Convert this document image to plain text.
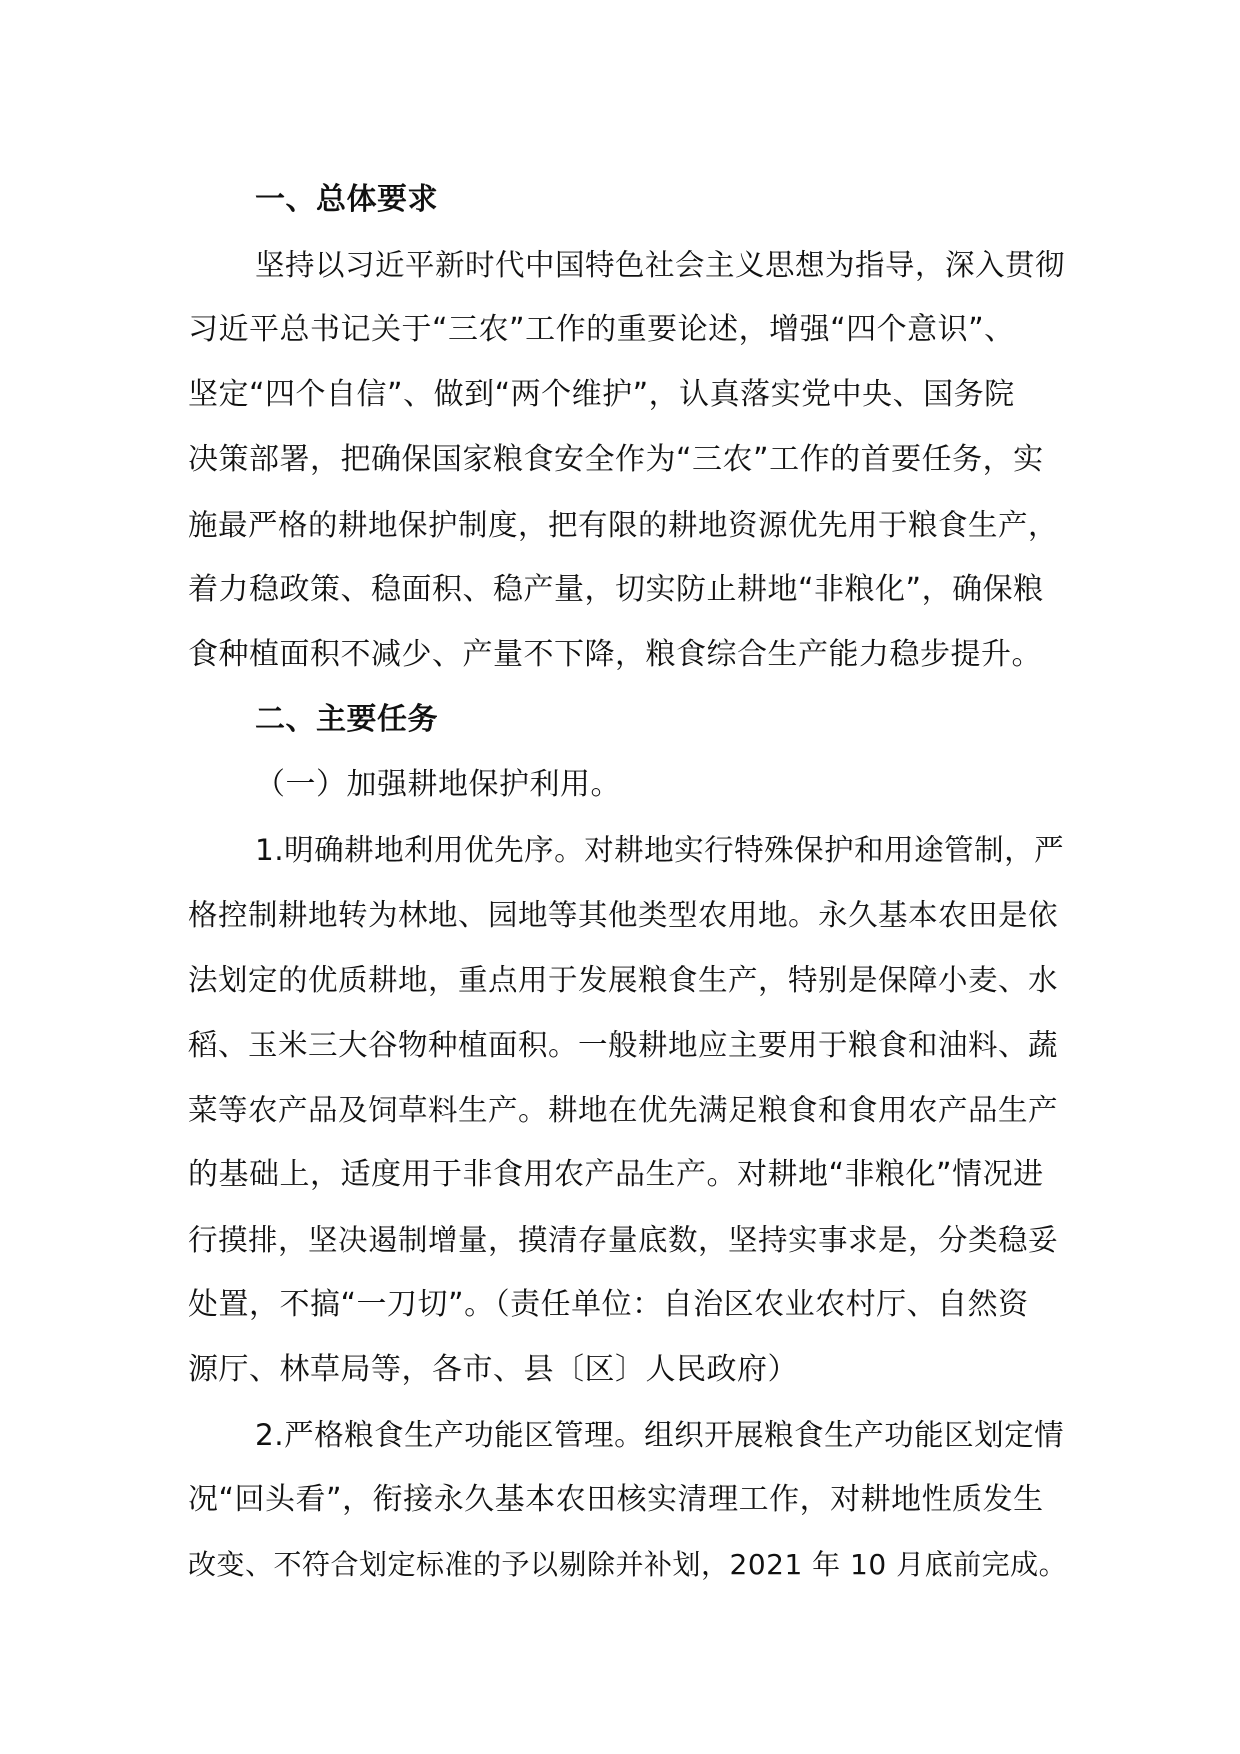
一、总体要求
坚持以习近平新时代中国特色社会主义思想为指导，深入贯彻
习近平总书记关于“三农”工作的重要论述，增强“四个意识”、
坚定“四个自信”、做到“两个维护”，认真落实党中央、国务院
决策部署，把确保国家粮食安全作为“三农”工作的首要任务，实
施最严格的耕地保护制度，把有限的耕地资源优先用于粮食生产，
着力稳政策、稳面积、稳产量，切实防止耕地“非粮化”，确保粮
食种植面积不减少、产量不下降，粮食综合生产能力稳步提升。
二、主要任务
（一）加强耕地保护利用。
1.明确耕地利用优先序。对耕地实行特殊保护和用途管制，严
格控制耕地转为林地、园地等其他类型农用地。永久基本农田是依
法划定的优质耕地，重点用于发展粮食生产，特别是保障小麦、水
稻、玉米三大谷物种植面积。一般耕地应主要用于粮食和油料、蔬
菜等农产品及饲草料生产。耕地在优先满足粮食和食用农产品生产
的基础上，适度用于非食用农产品生产。对耕地“非粮化”情况进
行摸排，坚决遏制增量，摸清存量底数，坚持实事求是，分类稳妥
处置，不搞“一刀切”。（责任单位：自治区农业农村厅、自然资
源厅、林草局等，各市、县〔区〕人民政府）
2.严格粮食生产功能区管理。组织开展粮食生产功能区划定情
况“回头看”，衔接永久基本农田核实清理工作，对耕地性质发生
改变、不符合划定标准的予以剔除并补划，2021 年 10 月底前完成。
